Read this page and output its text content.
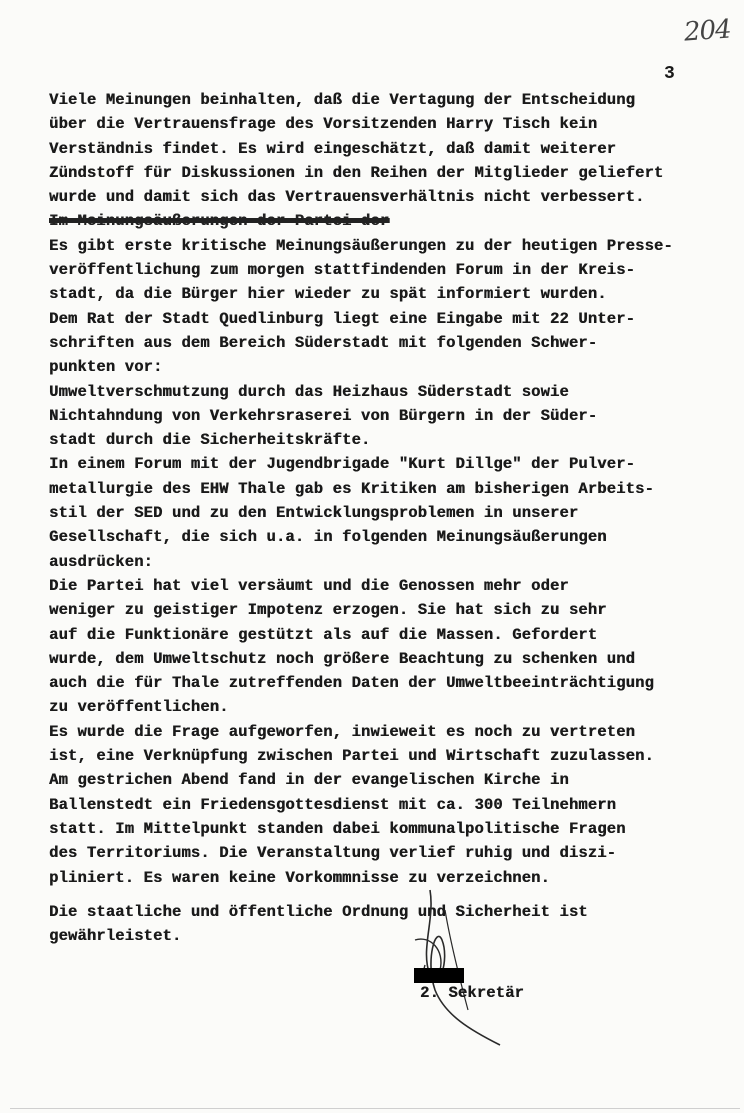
204
3
Viele Meinungen beinhalten, daß die Vertagung der Entscheidung
über die Vertrauensfrage des Vorsitzenden Harry Tisch kein
Verständnis findet. Es wird eingeschätzt, daß damit weiterer
Zündstoff für Diskussionen in den Reihen der Mitglieder geliefert
wurde und damit sich das Vertrauensverhältnis nicht verbessert.
Im Meinungsäußerungen der Partei der
Es gibt erste kritische Meinungsäußerungen zu der heutigen Presse-
veröffentlichung zum morgen stattfindenden Forum in der Kreis-
stadt, da die Bürger hier wieder zu spät informiert wurden.
Dem Rat der Stadt Quedlinburg liegt eine Eingabe mit 22 Unter-
schriften aus dem Bereich Süderstadt mit folgenden Schwer-
punkten vor:
Umweltverschmutzung durch das Heizhaus Süderstadt sowie
Nichtahndung von Verkehrsraserei von Bürgern in der Süder-
stadt durch die Sicherheitskräfte.
In einem Forum mit der Jugendbrigade "Kurt Dillge" der Pulver-
metallurgie des EHW Thale gab es Kritiken am bisherigen Arbeits-
stil der SED und zu den Entwicklungsproblemen in unserer
Gesellschaft, die sich u.a. in folgenden Meinungsäußerungen
ausdrücken:
Die Partei hat viel versäumt und die Genossen mehr oder
weniger zu geistiger Impotenz erzogen. Sie hat sich zu sehr
auf die Funktionäre gestützt als auf die Massen. Gefordert
wurde, dem Umweltschutz noch größere Beachtung zu schenken und
auch die für Thale zutreffenden Daten der Umweltbeeinträchtigung
zu veröffentlichen.
Es wurde die Frage aufgeworfen, inwieweit es noch zu vertreten
ist, eine Verknüpfung zwischen Partei und Wirtschaft zuzulassen.
Am gestrichen Abend fand in der evangelischen Kirche in
Ballenstedt ein Friedensgottesdienst mit ca. 300 Teilnehmern
statt. Im Mittelpunkt standen dabei kommunalpolitische Fragen
des Territoriums. Die Veranstaltung verlief ruhig und diszi-
pliniert. Es waren keine Vorkommnisse zu verzeichnen.
Die staatliche und öffentliche Ordnung und Sicherheit ist
gewährleistet.
2. Sekretär
